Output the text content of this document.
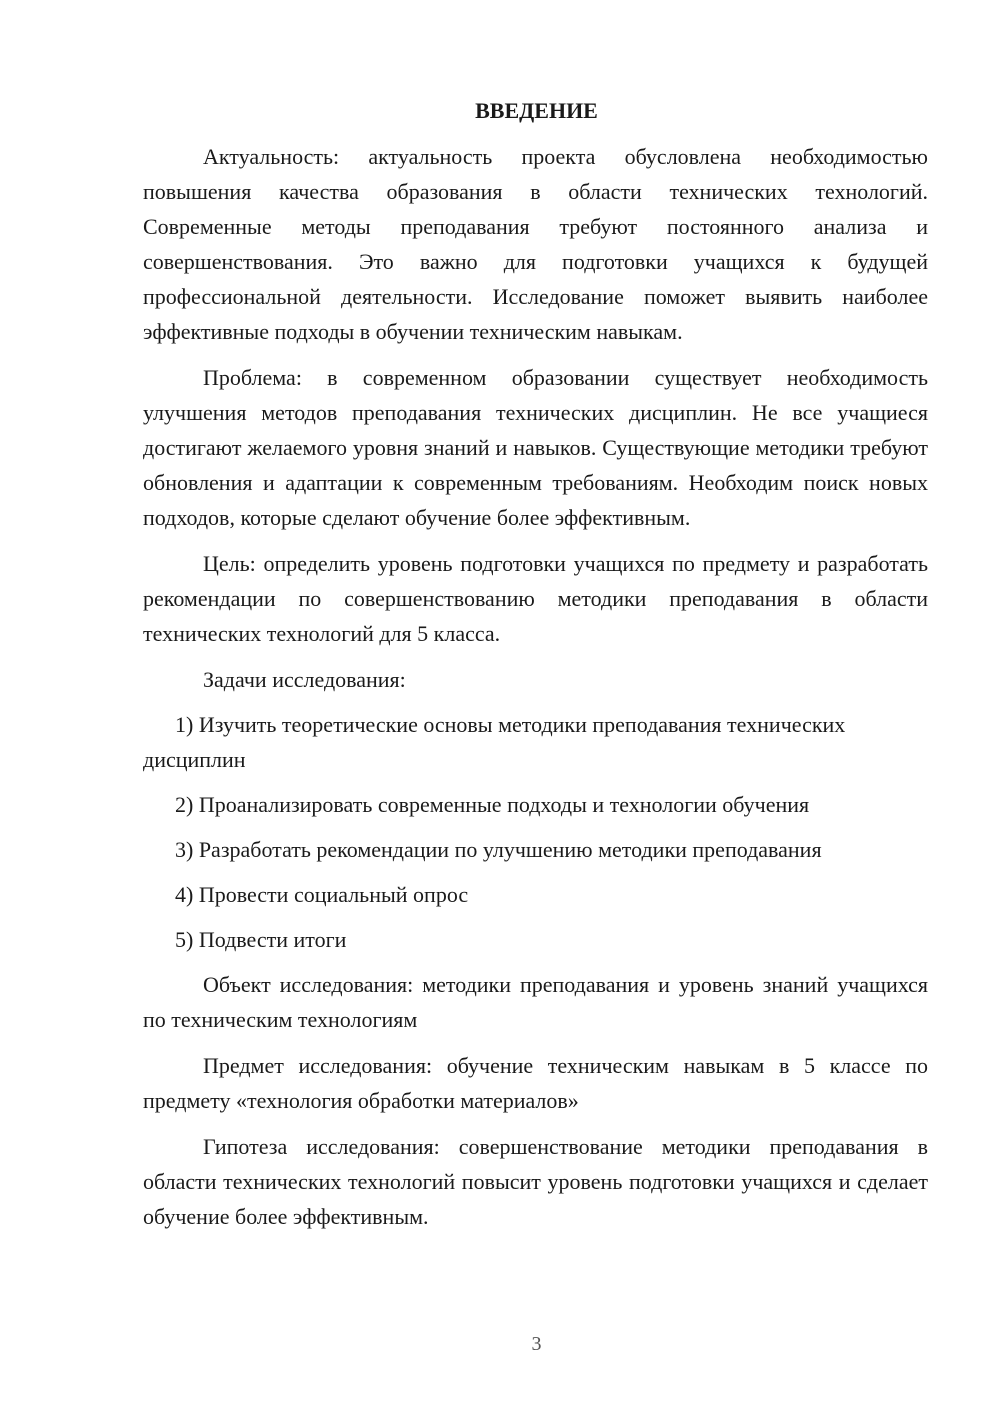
ВВЕДЕНИЕ

Актуальность: актуальность проекта обусловлена необходимостью повышения качества образования в области технических технологий. Современные методы преподавания требуют постоянного анализа и совершенствования. Это важно для подготовки учащихся к будущей профессиональной деятельности. Исследование поможет выявить наиболее эффективные подходы в обучении техническим навыкам.

Проблема: в современном образовании существует необходимость улучшения методов преподавания технических дисциплин. Не все учащиеся достигают желаемого уровня знаний и навыков. Существующие методики требуют обновления и адаптации к современным требованиям. Необходим поиск новых подходов, которые сделают обучение более эффективным.

Цель: определить уровень подготовки учащихся по предмету и разработать рекомендации по совершенствованию методики преподавания в области технических технологий для 5 класса.

Задачи исследования:

1) Изучить теоретические основы методики преподавания технических дисциплин

2) Проанализировать современные подходы и технологии обучения

3) Разработать рекомендации по улучшению методики преподавания

4) Провести социальный опрос

5) Подвести итоги

Объект исследования: методики преподавания и уровень знаний учащихся по техническим технологиям

Предмет исследования: обучение техническим навыкам в 5 классе по предмету «технология обработки материалов»

Гипотеза исследования: совершенствование методики преподавания в области технических технологий повысит уровень подготовки учащихся и сделает обучение более эффективным.

3
